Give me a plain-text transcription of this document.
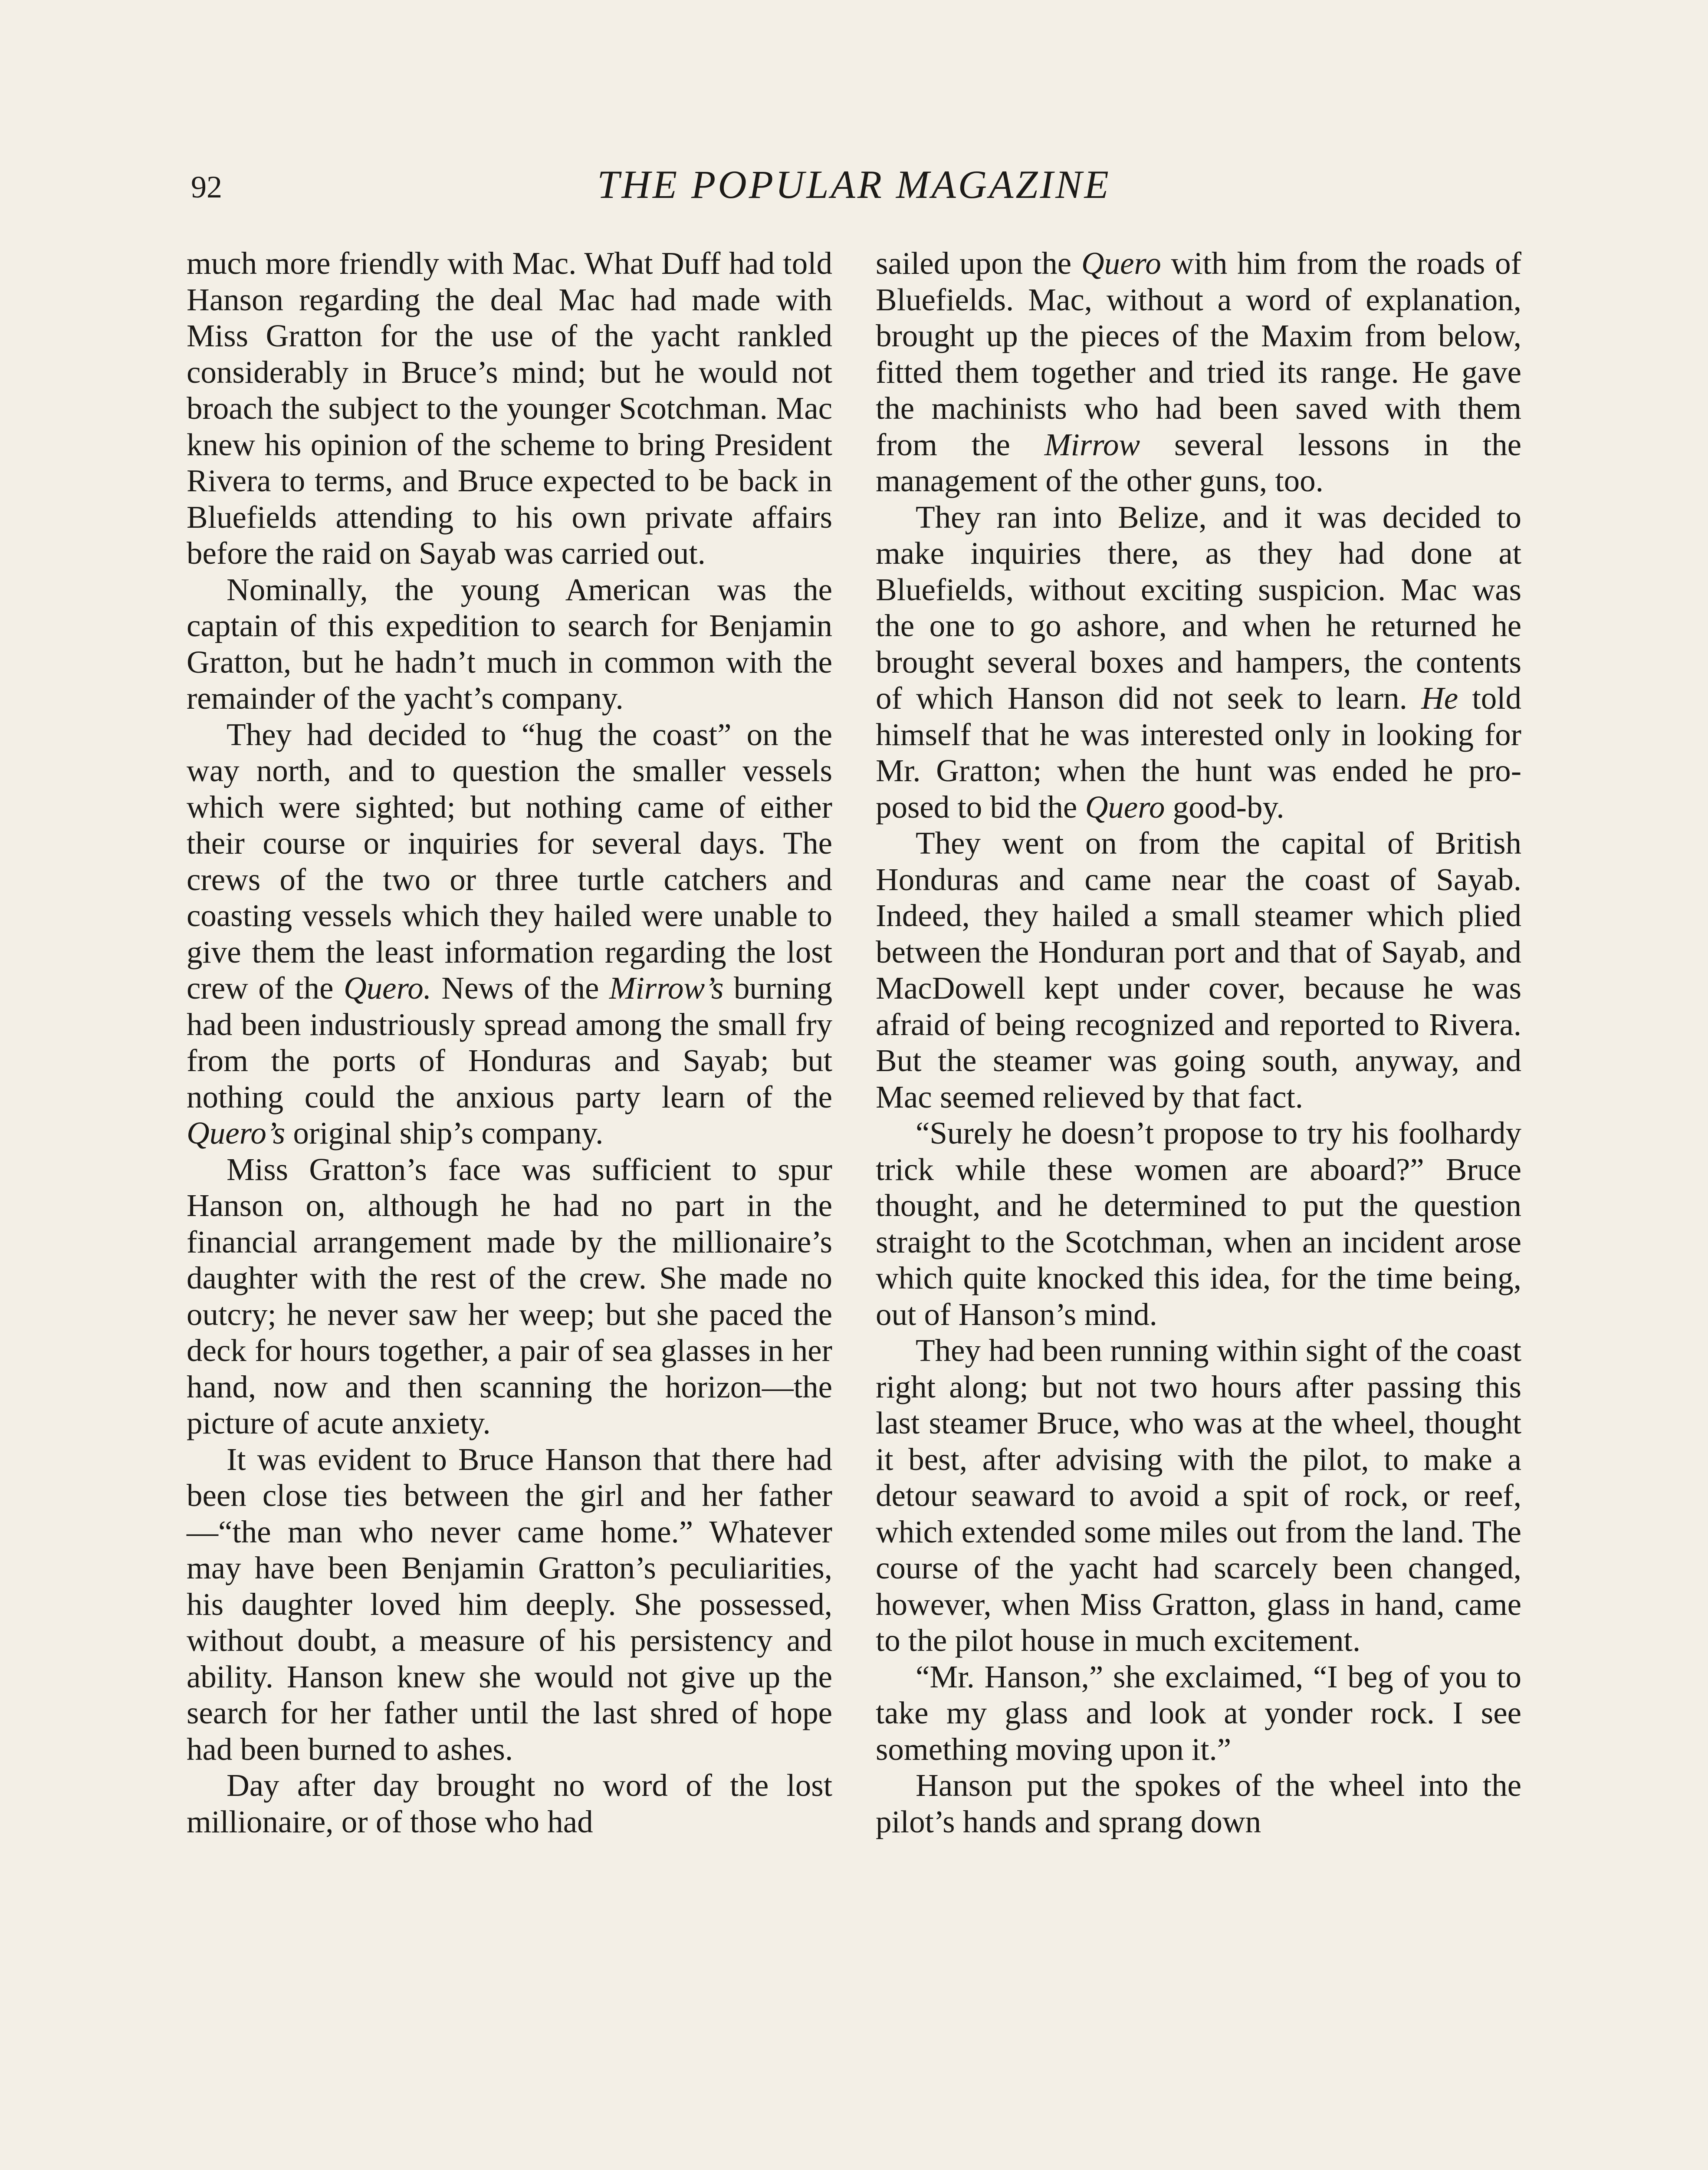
92	THE POPULAR MAGAZINE

much more friendly with Mac. What Duff had told Hanson regarding the deal Mac had made with Miss Gratton for the use of the yacht rankled considerably in Bruce’s mind; but he would not broach the subject to the younger Scotchman. Mac knew his opinion of the scheme to bring President Rivera to terms, and Bruce expected to be back in Bluefields attending to his own private affairs before the raid on Sayab was carried out.

Nominally, the young American was the captain of this expedition to search for Benjamin Gratton, but he hadn’t much in common with the remainder of the yacht’s company.

They had decided to “hug the coast” on the way north, and to question the smaller vessels which were sighted; but nothing came of either their course or inquiries for several days. The crews of the two or three turtle catchers and coasting vessels which they hailed were unable to give them the least information regarding the lost crew of the Quero. News of the Mirrow’s burning had been industriously spread among the small fry from the ports of Honduras and Sayab; but nothing could the anxious party learn of the Quero’s original ship’s company.

Miss Gratton’s face was sufficient to spur Hanson on, although he had no part in the financial arrangement made by the millionaire’s daughter with the rest of the crew. She made no outcry; he never saw her weep; but she paced the deck for hours together, a pair of sea glasses in her hand, now and then scanning the horizon—the picture of acute anxiety.

It was evident to Bruce Hanson that there had been close ties between the girl and her father—“the man who never came home.” Whatever may have been Benjamin Gratton’s peculiarities, his daughter loved him deeply. She possessed, without doubt, a measure of his persistency and ability. Hanson knew she would not give up the search for her father until the last shred of hope had been burned to ashes.

Day after day brought no word of the lost millionaire, or of those who had

sailed upon the Quero with him from the roads of Bluefields. Mac, without a word of explanation, brought up the pieces of the Maxim from below, fitted them together and tried its range. He gave the machinists who had been saved with them from the Mirrow several lessons in the management of the other guns, too.

They ran into Belize, and it was decided to make inquiries there, as they had done at Bluefields, without exciting suspicion. Mac was the one to go ashore, and when he returned he brought several boxes and hampers, the contents of which Hanson did not seek to learn. He told himself that he was interested only in looking for Mr. Gratton; when the hunt was ended he proposed to bid the Quero good-by.

They went on from the capital of British Honduras and came near the coast of Sayab. Indeed, they hailed a small steamer which plied between the Honduran port and that of Sayab, and MacDowell kept under cover, because he was afraid of being recognized and reported to Rivera. But the steamer was going south, anyway, and Mac seemed relieved by that fact.

“Surely he doesn’t propose to try his foolhardy trick while these women are aboard?” Bruce thought, and he determined to put the question straight to the Scotchman, when an incident arose which quite knocked this idea, for the time being, out of Hanson’s mind.

They had been running within sight of the coast right along; but not two hours after passing this last steamer Bruce, who was at the wheel, thought it best, after advising with the pilot, to make a detour seaward to avoid a spit of rock, or reef, which extended some miles out from the land. The course of the yacht had scarcely been changed, however, when Miss Gratton, glass in hand, came to the pilot house in much excitement.

“Mr. Hanson,” she exclaimed, “I beg of you to take my glass and look at yonder rock. I see something moving upon it.”

Hanson put the spokes of the wheel into the pilot’s hands and sprang down
